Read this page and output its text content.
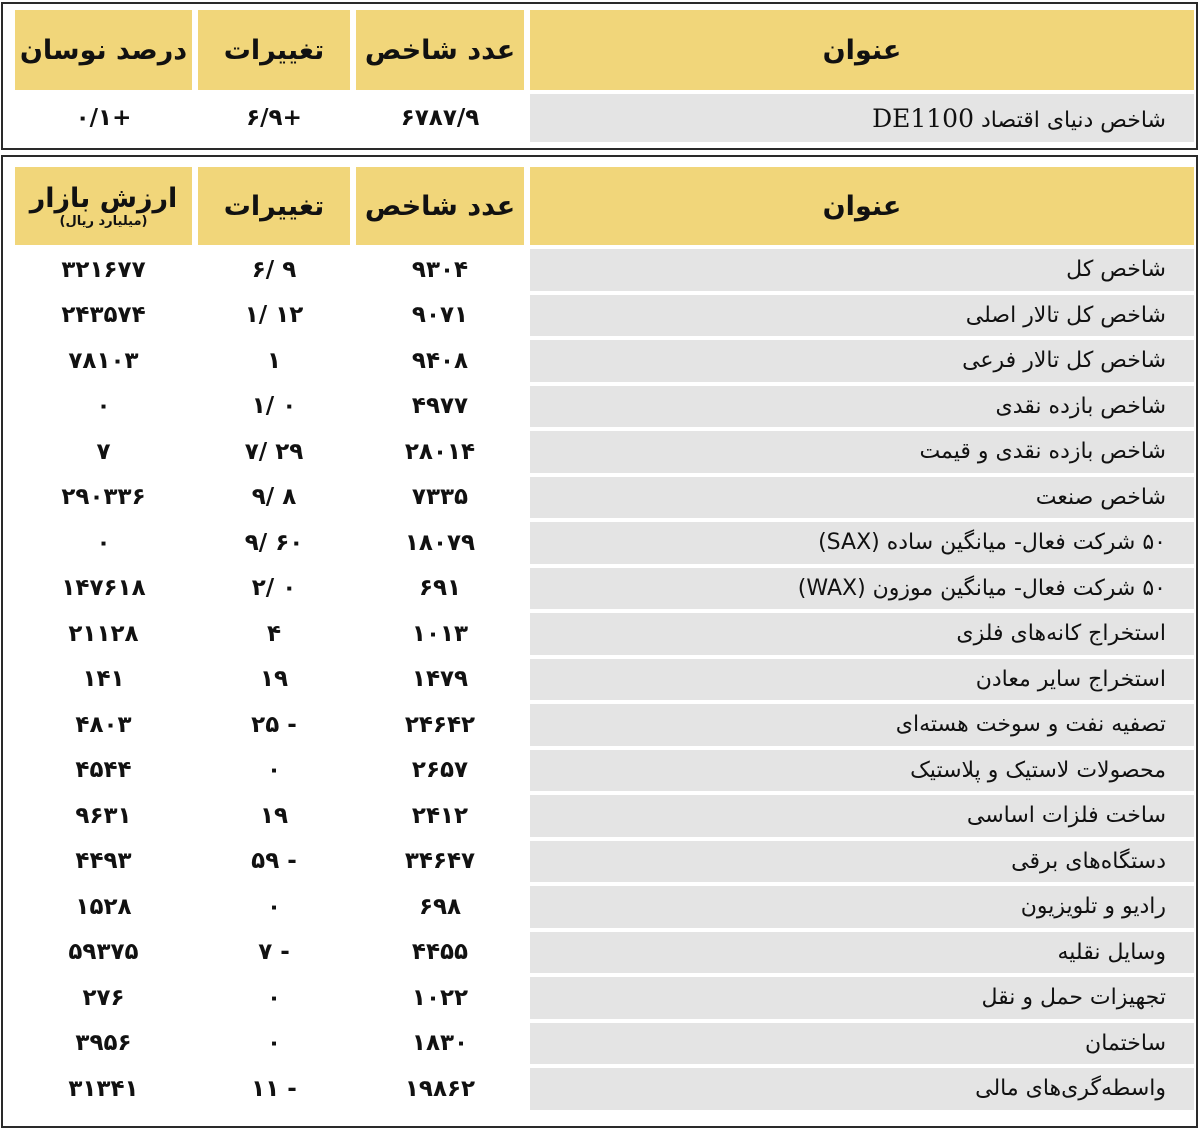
عنوان	عدد شاخص	تغییرات	درصد نوسان
شاخص دنیای اقتصاد DE1100	۶۷۸۷/۹	+۶/۹	+۰/۱
عنوان	عدد شاخص	تغییرات	ارزش بازار
(میلیارد ریال)

شاخص کل	۹۳۰۴	۹ /۶	۳۲۱۶۷۷
شاخص کل تالار اصلی	۹۰۷۱	۱۲ /۱	۲۴۳۵۷۴
شاخص کل تالار فرعی	۹۴۰۸	۱	۷۸۱۰۳
شاخص بازده نقدی	۴۹۷۷	۰ /۱	۰
شاخص بازده نقدی و قیمت	۲۸۰۱۴	۲۹ /۷	۷
شاخص صنعت	۷۳۳۵	۸ /۹	۲۹۰۳۳۶
۵۰ شرکت فعال- میانگین ساده (SAX)	۱۸۰۷۹	۶۰ /۹	۰
۵۰ شرکت فعال- میانگین موزون (WAX)	۶۹۱	۰ /۲	۱۴۷۶۱۸
استخراج کانه‌های فلزی	۱۰۱۳	۴	۲۱۱۲۸
استخراج سایر معادن	۱۴۷۹	۱۹	۱۴۱
تصفیه نفت و سوخت هسته‌ای	۲۴۶۴۲	- ۲۵	۴۸۰۳
محصولات لاستیک و پلاستیک	۲۶۵۷	۰	۴۵۴۴
ساخت فلزات اساسی	۲۴۱۲	۱۹	۹۶۳۱
دستگاه‌های برقی	۳۴۶۴۷	- ۵۹	۴۴۹۳
رادیو و تلویزیون	۶۹۸	۰	۱۵۲۸
وسایل نقلیه	۴۴۵۵	- ۷	۵۹۳۷۵
تجهیزات حمل و نقل	۱۰۲۲	۰	۲۷۶
ساختمان	۱۸۳۰	۰	۳۹۵۶
واسطه‌گری‌های مالی	۱۹۸۶۲	- ۱۱	۳۱۳۴۱
